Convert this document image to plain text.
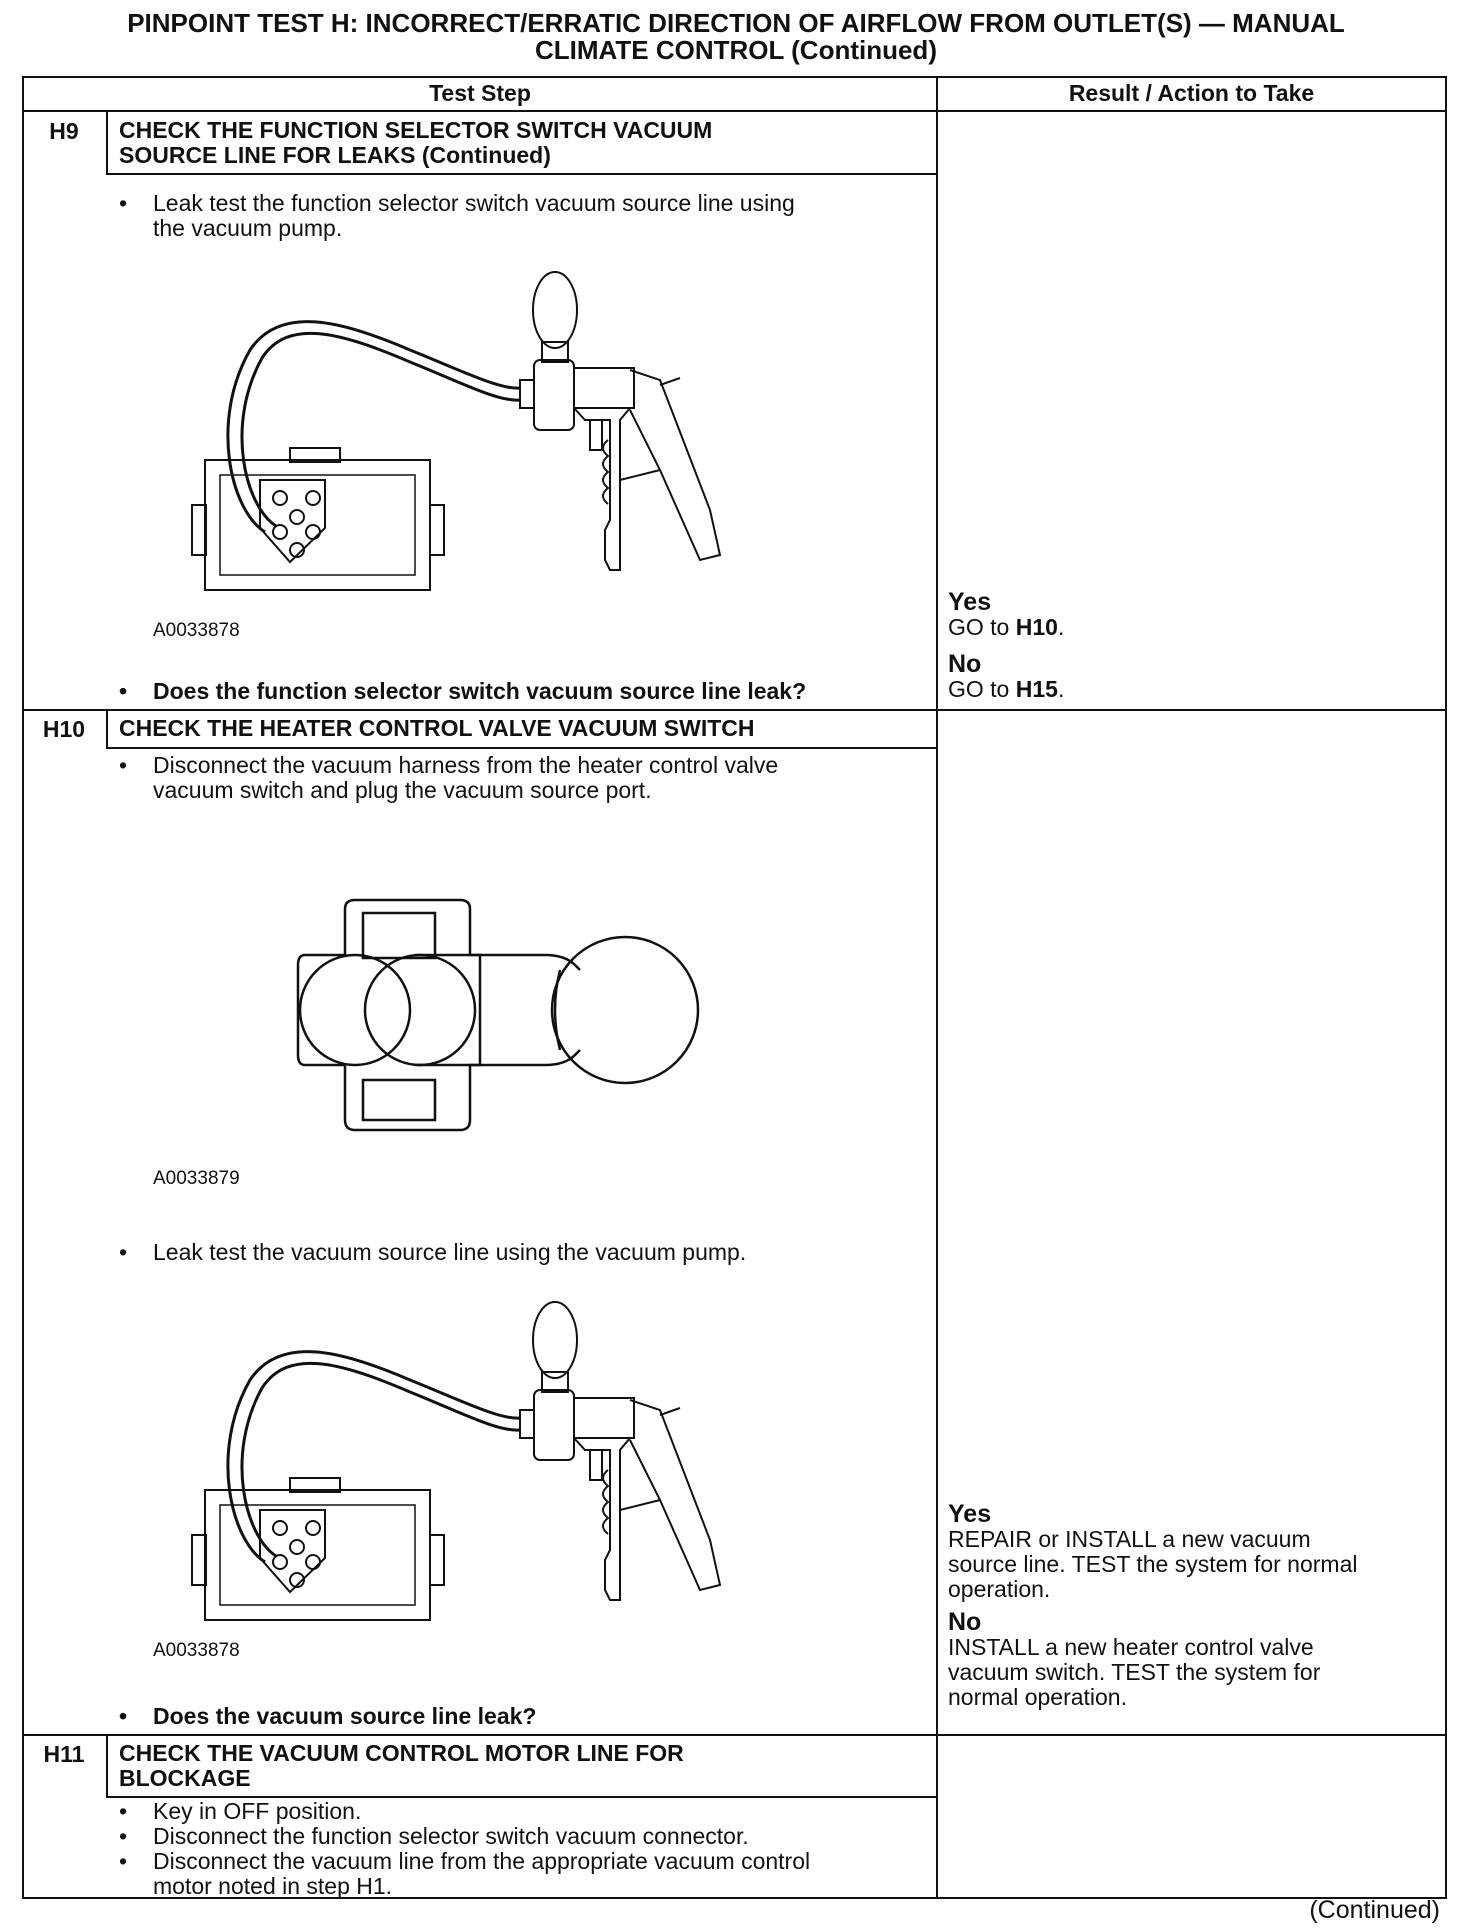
PINPOINT TEST H: INCORRECT/ERRATIC DIRECTION OF AIRFLOW FROM OUTLET(S) — MANUAL
CLIMATE CONTROL (Continued)
Test Step	Result / Action to Take
H9	CHECK THE FUNCTION SELECTOR SWITCH VACUUM
SOURCE LINE FOR LEAKS (Continued)
•	Leak test the function selector switch vacuum source line using
the vacuum pump.
A0033878
•	Does the function selector switch vacuum source line leak?
Yes
GO to H10.
No
GO to H15.
H10	CHECK THE HEATER CONTROL VALVE VACUUM SWITCH
•	Disconnect the vacuum harness from the heater control valve
vacuum switch and plug the vacuum source port.
A0033879
•	Leak test the vacuum source line using the vacuum pump.
A0033878
•	Does the vacuum source line leak?
Yes
REPAIR or INSTALL a new vacuum
source line. TEST the system for normal
operation.
No
INSTALL a new heater control valve
vacuum switch. TEST the system for
normal operation.
H11	CHECK THE VACUUM CONTROL MOTOR LINE FOR
BLOCKAGE
•	Key in OFF position.
•	Disconnect the function selector switch vacuum connector.
•	Disconnect the vacuum line from the appropriate vacuum control
motor noted in step H1.
(Continued)
